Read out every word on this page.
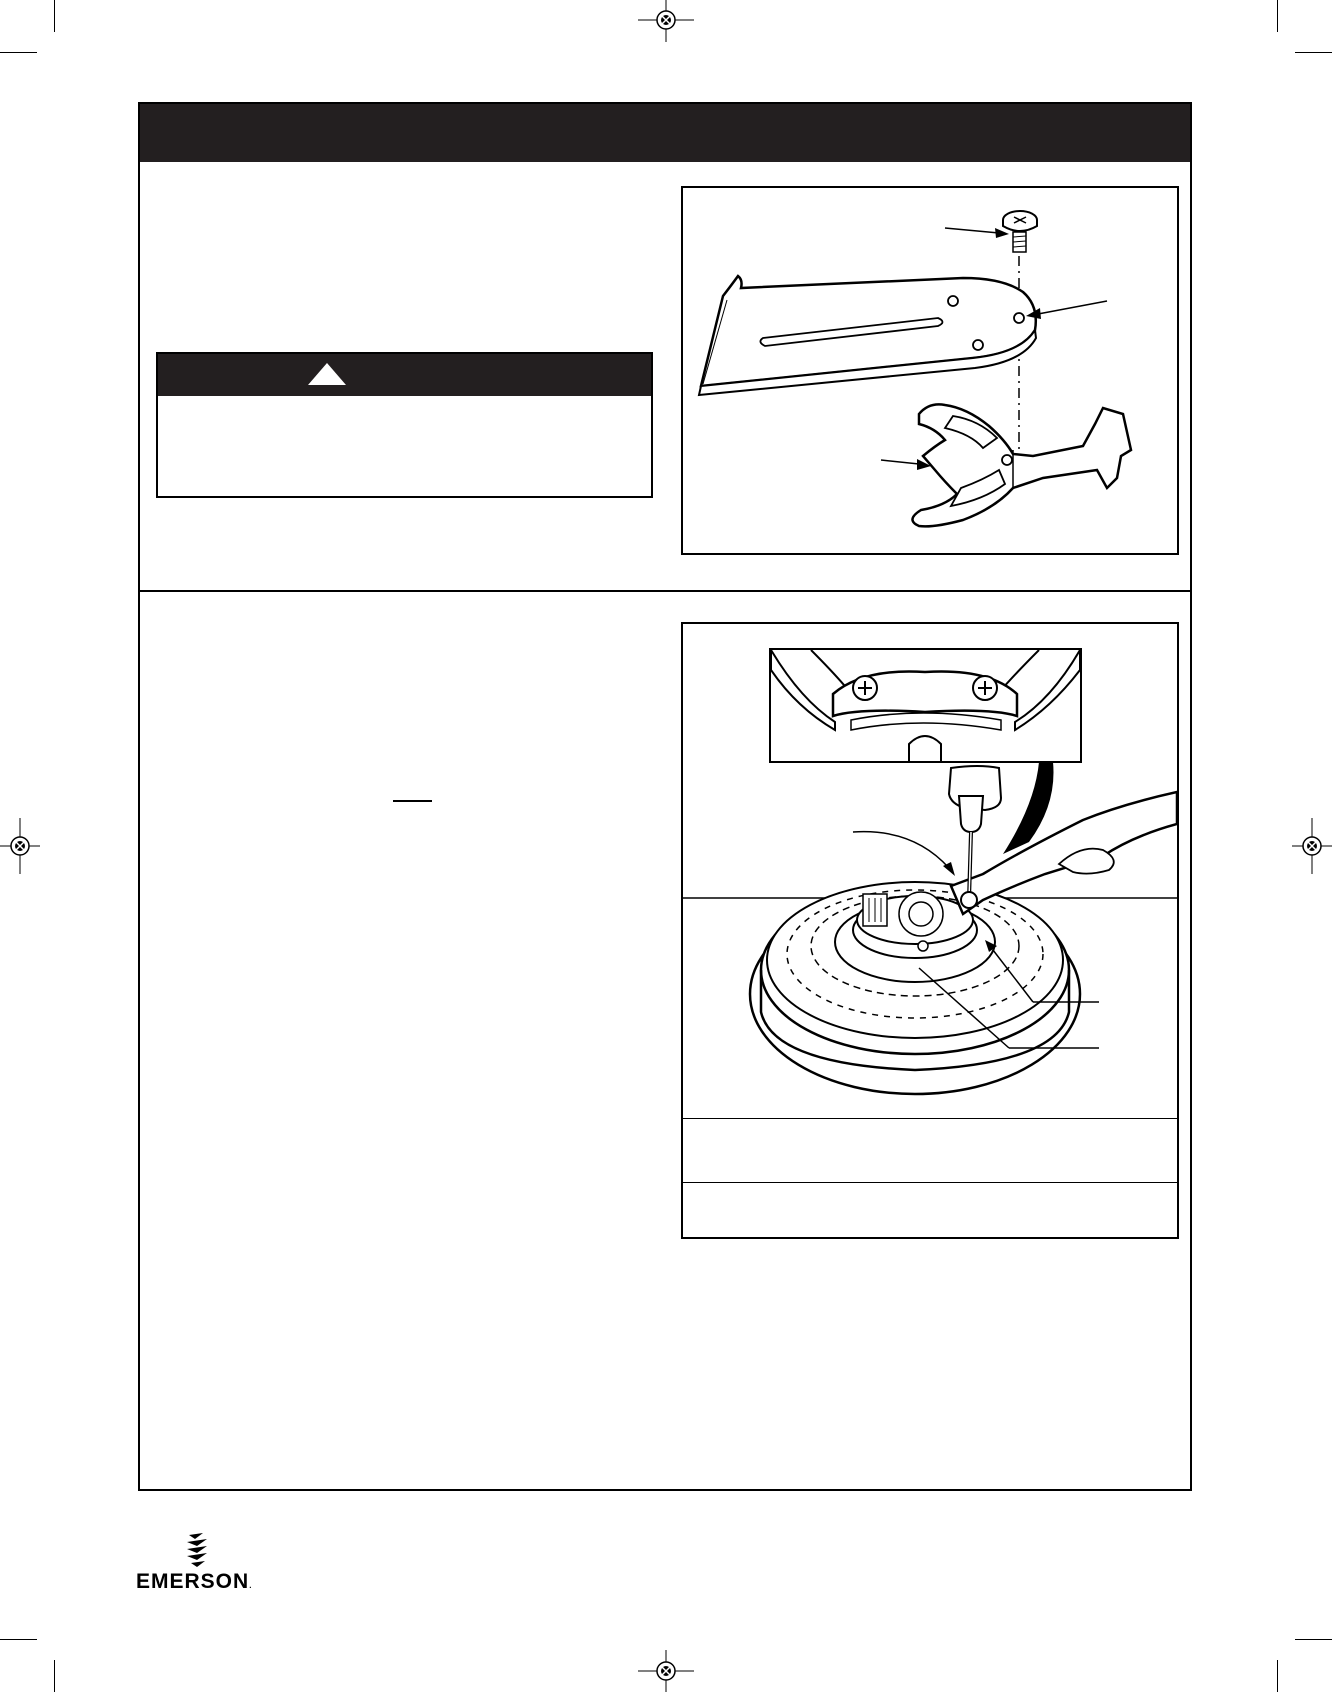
EMERSON.
